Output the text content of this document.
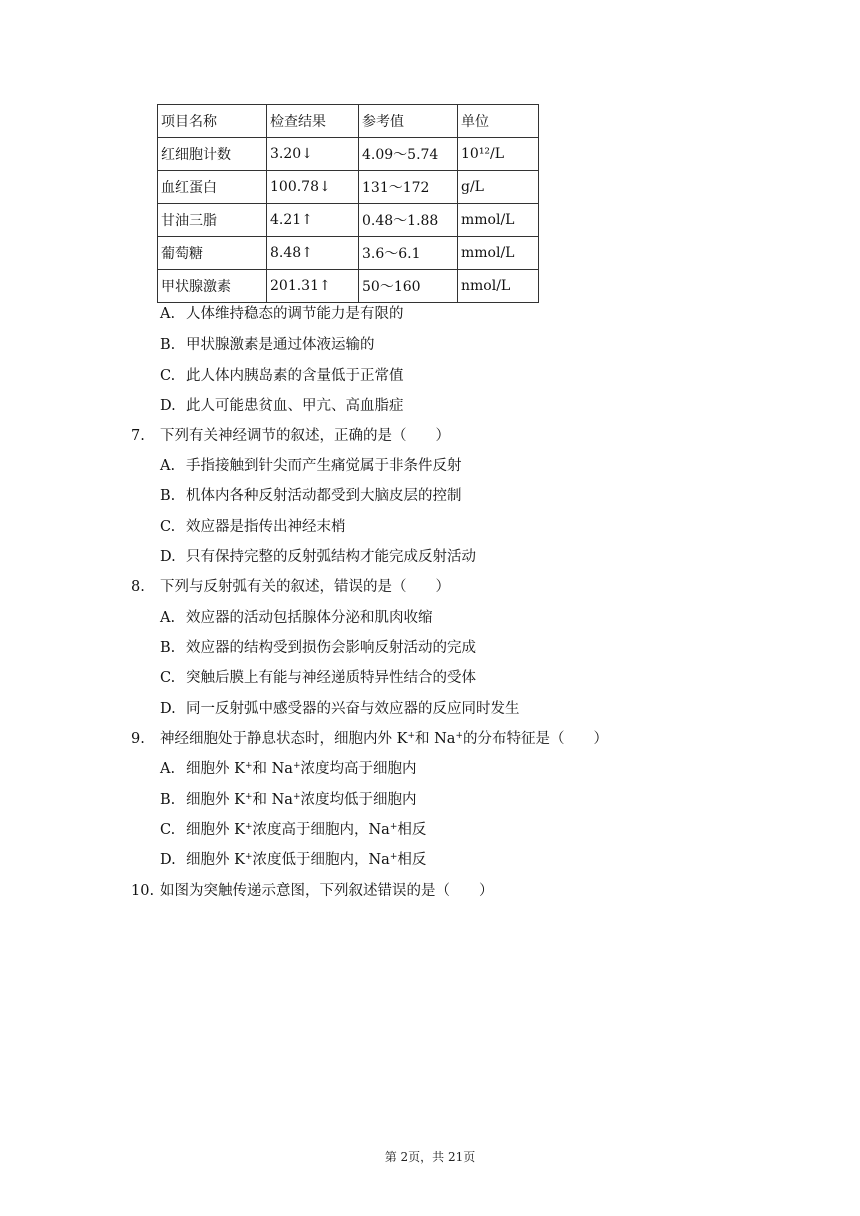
项目名称	检查结果	参考值	单位
红细胞计数	3.20↓	4.09～5.74	10¹²/L
血红蛋白	100.78↓	131～172	g/L
甘油三脂	4.21↑	0.48～1.88	mmol/L
葡萄糖	8.48↑	3.6～6.1	mmol/L
甲状腺激素	201.31↑	50～160	nmol/L
A. 人体维持稳态的调节能力是有限的
B. 甲状腺激素是通过体液运输的
C. 此人体内胰岛素的含量低于正常值
D. 此人可能患贫血、甲亢、高血脂症
7. 下列有关神经调节的叙述，正确的是（　　）
A. 手指接触到针尖而产生痛觉属于非条件反射
B. 机体内各种反射活动都受到大脑皮层的控制
C. 效应器是指传出神经末梢
D. 只有保持完整的反射弧结构才能完成反射活动
8. 下列与反射弧有关的叙述，错误的是（　　）
A. 效应器的活动包括腺体分泌和肌肉收缩
B. 效应器的结构受到损伤会影响反射活动的完成
C. 突触后膜上有能与神经递质特异性结合的受体
D. 同一反射弧中感受器的兴奋与效应器的反应同时发生
9. 神经细胞处于静息状态时，细胞内外 K+和 Na+的分布特征是（　　）
A. 细胞外 K+和 Na+浓度均高于细胞内
B. 细胞外 K+和 Na+浓度均低于细胞内
C. 细胞外 K+浓度高于细胞内，Na+相反
D. 细胞外 K+浓度低于细胞内，Na+相反
10. 如图为突触传递示意图，下列叙述错误的是（　　）
第 2页，共 21页
